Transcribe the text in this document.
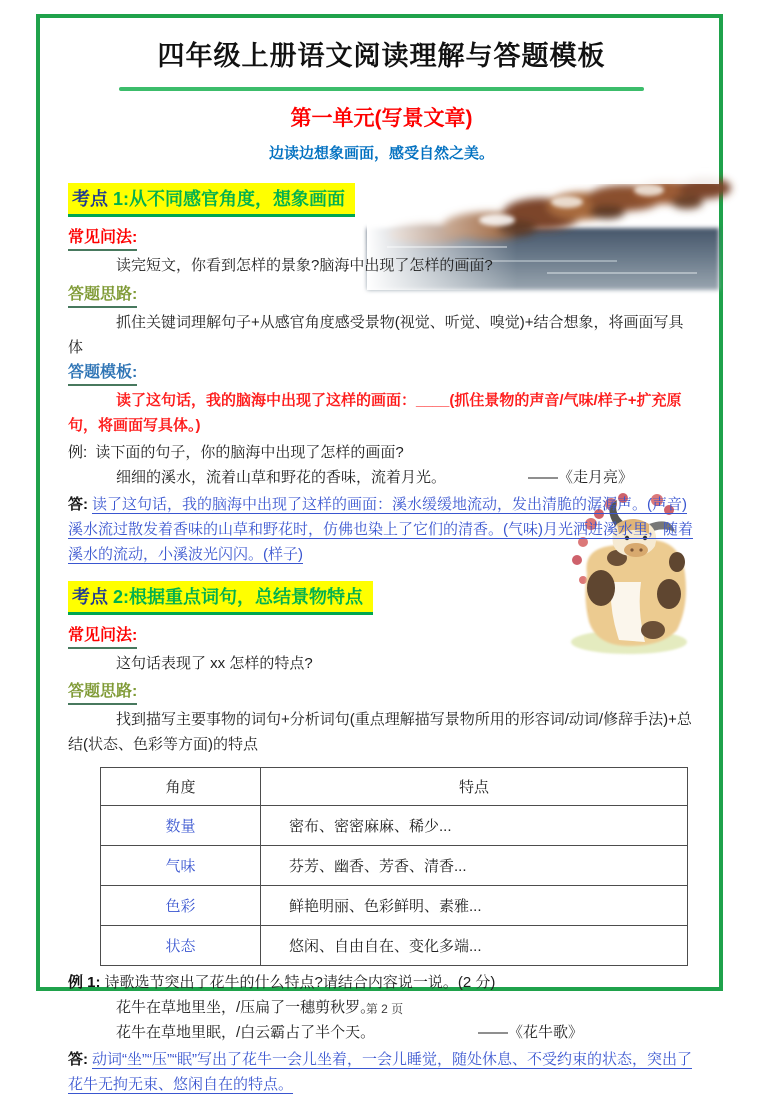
四年级上册语文阅读理解与答题模板
第一单元(写景文章)
边读边想象画面，感受自然之美。
考点 1:从不同感官角度，想象画面
常见问法:

读完短文，你看到怎样的景象?脑海中出现了怎样的画面?

答题思路:

抓住关键词理解句子+从感官角度感受景物(视觉、听觉、嗅觉)+结合想象，将画面写具体

答题模板:

读了这句话，我的脑海中出现了这样的画面：____(抓住景物的声音/气味/样子+扩充原句，将画面写具体。)

例: 读下面的句子，你的脑海中出现了怎样的画面?

细细的溪水，流着山草和野花的香味，流着月光。	——《走月亮》

答: 读了这句话，我的脑海中出现了这样的画面：溪水缓缓地流动，发出清脆的潺潺声。(声音)溪水流过散发着香味的山草和野花时，仿佛也染上了它们的清香。(气味)月光洒进溪水里，随着溪水的流动，小溪波光闪闪。(样子)

考点 2:根据重点词句，总结景物特点
常见问法:

这句话表现了 xx 怎样的特点?

答题思路:

找到描写主要事物的词句+分析词句(重点理解描写景物所用的形容词/动词/修辞手法)+总结(状态、色彩等方面)的特点

角度	特点
数量	密布、密密麻麻、稀少...
气味	芬芳、幽香、芳香、清香...
色彩	鲜艳明丽、色彩鲜明、素雅...
状态	悠闲、自由自在、变化多端...

例 1: 诗歌选节突出了花牛的什么特点?请结合内容说一说。(2 分)

花牛在草地里坐，/压扁了一穗剪秋罗。

花牛在草地里眠，/白云霸占了半个天。	——《花牛歌》

答: 动词“坐”“压”“眠”写出了花牛一会儿坐着，一会儿睡觉，随处休息、不受约束的状态，突出了花牛无拘无束、悠闲自在的特点。

第 2 页
